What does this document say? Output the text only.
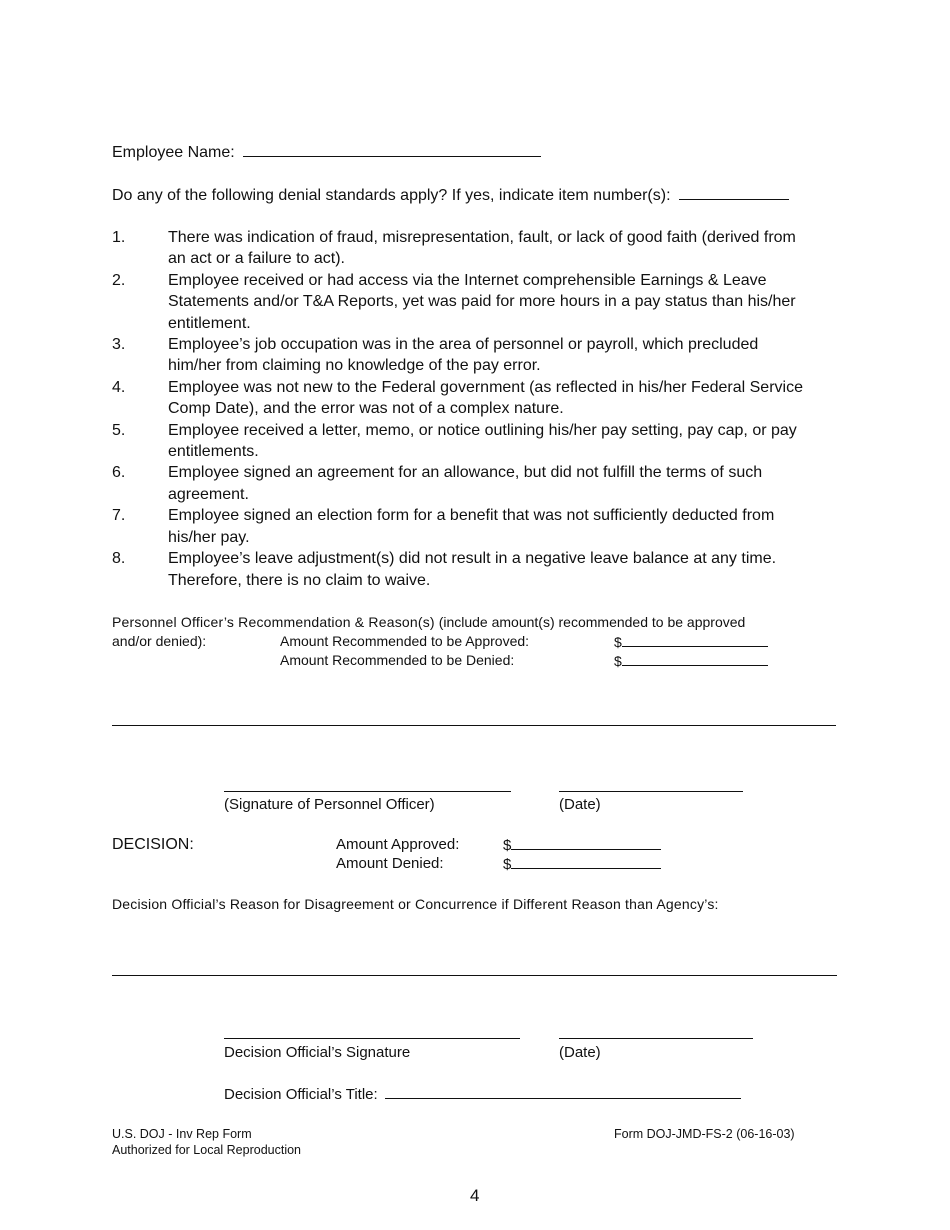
Employee Name:
Do any of the following denial standards apply? If yes, indicate item number(s):
1.	There was indication of fraud, misrepresentation, fault, or lack of good faith (derived from
an act or a failure to act).
2.	Employee received or had access via the Internet comprehensible Earnings & Leave
Statements and/or T&A Reports, yet was paid for more hours in a pay status than his/her
entitlement.
3.	Employee’s job occupation was in the area of personnel or payroll, which precluded
him/her from claiming no knowledge of the pay error.
4.	Employee was not new to the Federal government (as reflected in his/her Federal Service
Comp Date), and the error was not of a complex nature.
5.	Employee received a letter, memo, or notice outlining his/her pay setting, pay cap, or pay
entitlements.
6.	Employee signed an agreement for an allowance, but did not fulfill the terms of such
agreement.
7.	Employee signed an election form for a benefit that was not sufficiently deducted from
his/her pay.
8.	Employee’s leave adjustment(s) did not result in a negative leave balance at any time.
Therefore, there is no claim to waive.
Personnel Officer’s Recommendation & Reason(s) (include amount(s) recommended to be approved
and/or denied):	Amount Recommended to be Approved:	$
Amount Recommended to be Denied:	$
(Signature of Personnel Officer)	(Date)
DECISION:	Amount Approved:	$
Amount Denied:	$
Decision Official’s Reason for Disagreement or Concurrence if Different Reason than Agency’s:
Decision Official’s Signature	(Date)
Decision Official’s Title:
U.S. DOJ - Inv Rep Form
Authorized for Local Reproduction
Form DOJ-JMD-FS-2 (06-16-03)
4
